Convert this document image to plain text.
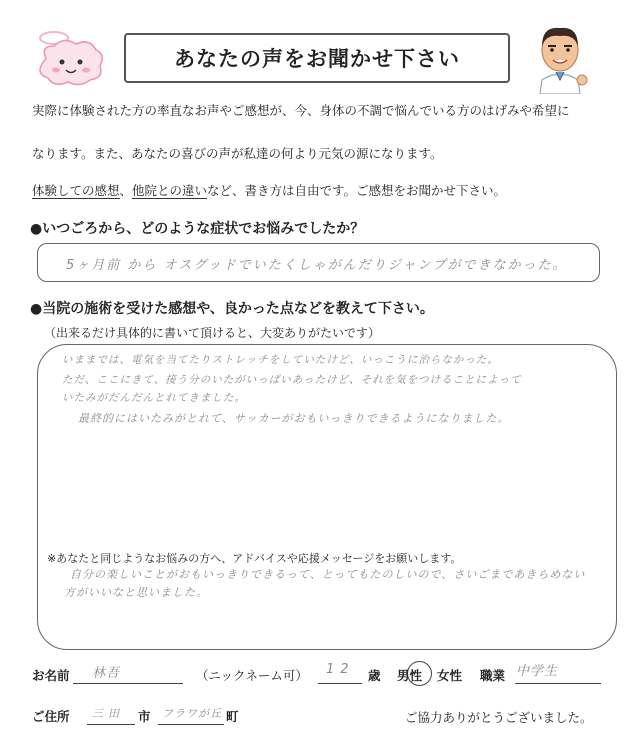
あなたの声をお聞かせ下さい
実際に体験された方の率直なお声やご感想が、今、身体の不調で悩んでいる方のはげみや希望に
なります。また、あなたの喜びの声が私達の何より元気の源になります。
体験しての感想、他院との違いなど、書き方は自由です。ご感想をお聞かせ下さい。
●いつごろから、どのような症状でお悩みでしたか？
5ヶ月前 から オスグッドでいたくしゃがんだりジャンプができなかった。
●当院の施術を受けた感想や、良かった点などを教えて下さい。
（出来るだけ具体的に書いて頂けると、大変ありがたいです）
いままでは、電気を当てたりストレッチをしていたけど、いっこうに治らなかった。
ただ、ここにきて、接う分のいたがいっぱいあったけど、それを気をつけることによって
いたみがだんだんとれてきました。
最終的にはいたみがとれて、サッカーがおもいっきりできるようになりました。
※あなたと同じようなお悩みの方へ、アドバイスや応援メッセージをお願いします。
自分の楽しいことがおもいっきりできるって、とってもたのしいので、さいごまであきらめない
方がいいなと思いました。
お名前 林吾	（ニックネーム可） 12 歳 男性 女性 職業 中学生
ご住所 三田 市 フラワが丘 町	ご協力ありがとうございました。
